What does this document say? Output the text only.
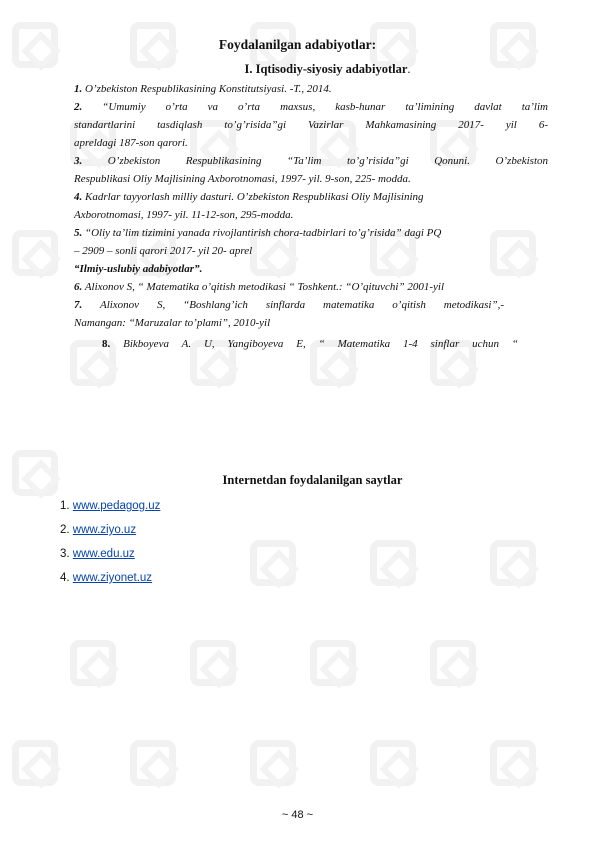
Foydalanilgan adabiyotlar:
I. Iqtisodiy-siyosiy adabiyotlar.
1. O’zbekiston Respublikasining Konstitutsiyasi. -T., 2014.
2. “Umumiy o’rta va o’rta maxsus, kasb-hunar ta’limining davlat ta’lim
standartlarini tasdiqlash to’g’risida”gi Vazirlar Mahkamasining 2017- yil 6-
apreldagi 187-son qarori.
3. O’zbekiston Respublikasining “Ta’lim to’g’risida”gi Qonuni. O’zbekiston
Respublikasi Oliy Majlisining Axborotnomasi, 1997- yil. 9-son, 225- modda.
4. Kadrlar tayyorlash milliy dasturi. O’zbekiston Respublikasi Oliy Majlisining
Axborotnomasi, 1997- yil. 11-12-son, 295-modda.
5. “Oliy ta’lim tizimini yanada rivojlantirish chora-tadbirlari to’g’risida” dagi PQ
– 2909 – sonli qarori 2017- yil 20- aprel
“Ilmiy-uslubiy adabiyotlar”.
6. Alixonov S, “ Matematika o’qitish metodikasi “ Toshkent.: “O’qituvchi” 2001-yil
7. Alixonov S, “Boshlang’ich sinflarda matematika o’qitish metodikasi”,-
Namangan: “Maruzalar to’plami”, 2010-yil
8. Bikboyeva A. U, Yangiboyeva E, “ Matematika 1-4 sinflar uchun “
Internetdan foydalanilgan saytlar
1. www.pedagog.uz
2. www.ziyo.uz
3. www.edu.uz
4. www.ziyonet.uz
~ 48 ~
